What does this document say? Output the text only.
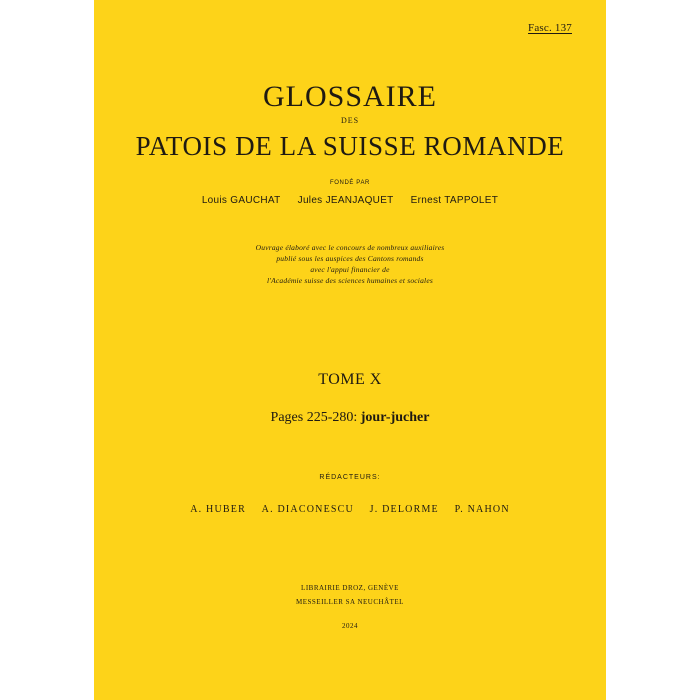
Fasc. 137
GLOSSAIRE
DES
PATOIS DE LA SUISSE ROMANDE
FONDÉ PAR
Louis GAUCHAT Jules JEANJAQUET Ernest TAPPOLET
Ouvrage élaboré avec le concours de nombreux auxiliaires
publié sous les auspices des Cantons romands
avec l'appui financier de
l'Académie suisse des sciences humaines et sociales
TOME X
Pages 225-280: jour-jucher
RÉDACTEURS:
A. HUBER A. DIACONESCU J. DELORME P. NAHON
LIBRAIRIE DROZ, GENÈVE
MESSEILLER SA NEUCHÂTEL
2024
